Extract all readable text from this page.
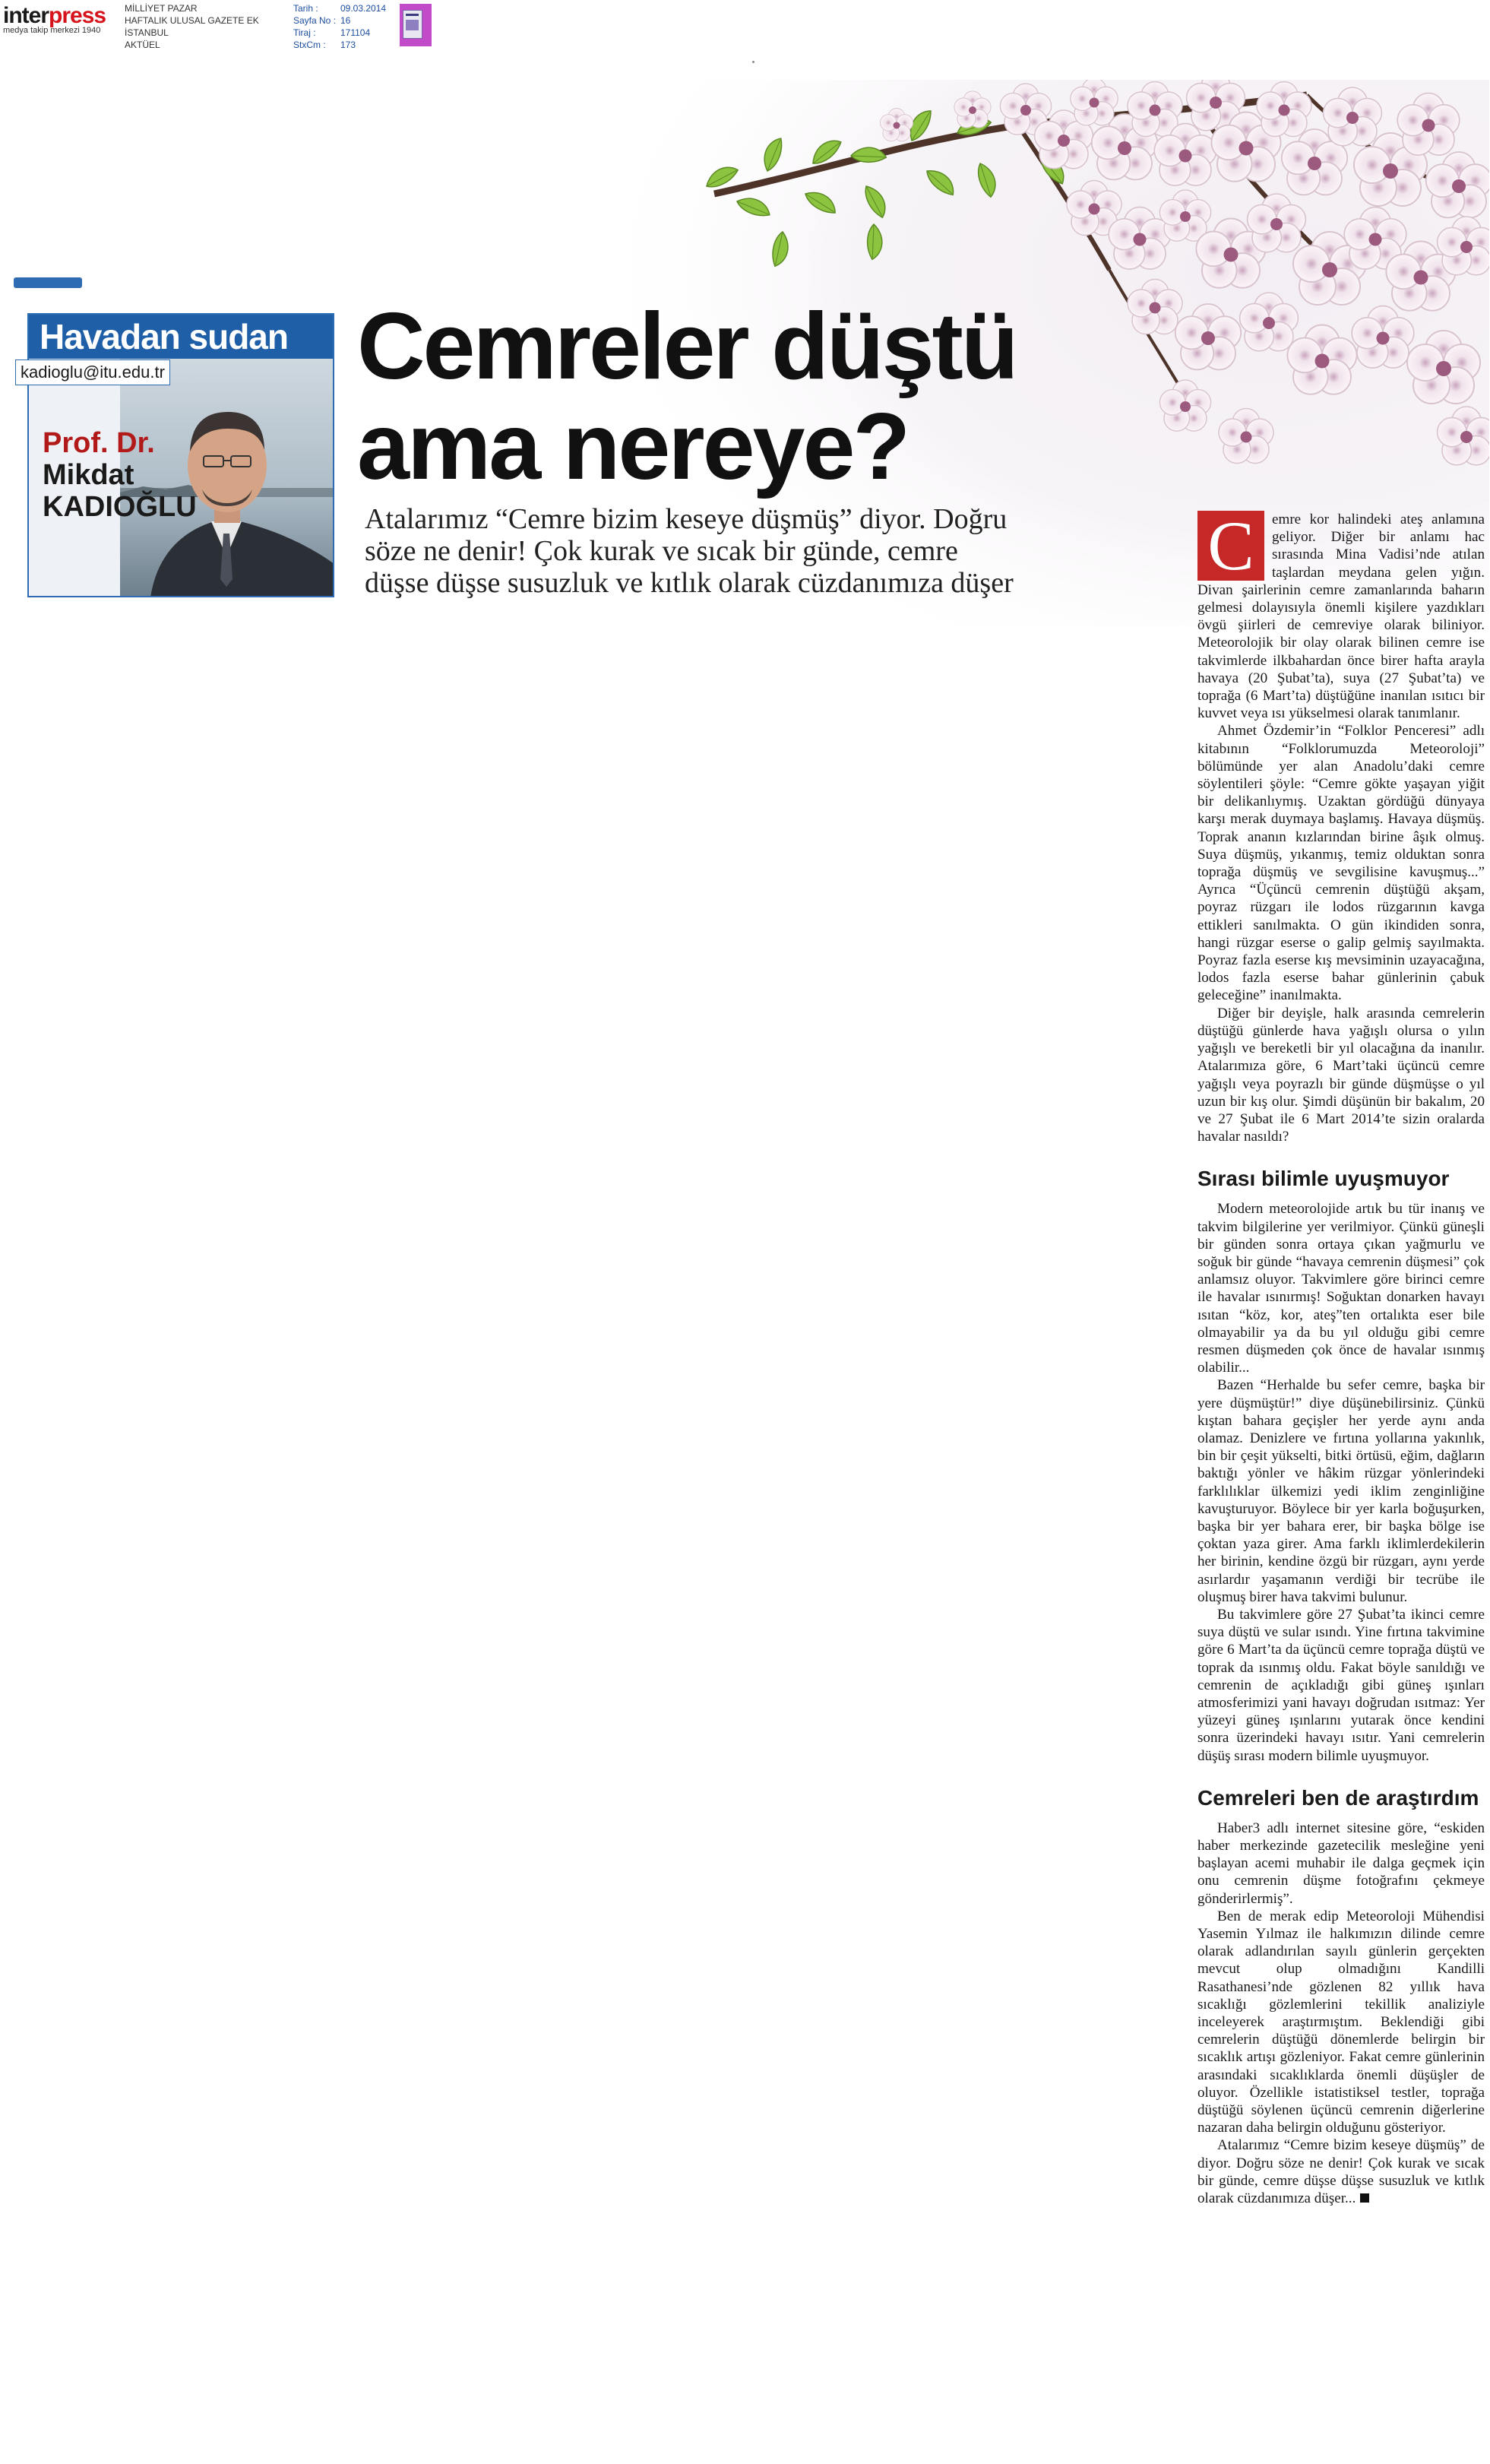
interpress
medya takip merkezi 1940
MİLLİYET PAZAR
HAFTALIK ULUSAL GAZETE EK
İSTANBUL
AKTÜEL
Tarih :	09.03.2014
Sayfa No : 16
Tiraj :	171104
StxCm :	173
kadioglu@itu.edu.tr
Havadan sudan
Prof. Dr.
Mikdat
KADIOĞLU
Cemreler düştü
ama nereye?

Atalarımız “Cemre bizim keseye düşmüş” diyor. Doğru söze ne denir! Çok kurak ve sıcak bir günde, cemre düşse düşse susuzluk ve kıtlık olarak cüzdanımıza düşer	C	emre kor halindeki ateş anlamına geliyor. Diğer bir anlamı hac sırasında Mina Vadisi’nde atılan taşlardan meydana gelen yığın. Divan şairlerinin cemre zamanlarında baharın gelmesi dolayısıyla önemli kişilere yazdıkları övgü şiirleri de cemreviye olarak biliniyor. Meteorolojik bir olay olarak bilinen cemre ise takvimlerde ilkbahardan önce birer hafta arayla havaya (20 Şubat’ta), suya (27 Şubat’ta) ve toprağa (6 Mart’ta) düştüğüne inanılan ısıtıcı bir kuvvet veya ısı yükselmesi olarak tanımlanır.

Ahmet Özdemir’in “Folklor Penceresi” adlı kitabının “Folklorumuzda Meteoroloji” bölümünde yer alan Anadolu’daki cemre söylentileri şöyle: “Cemre gökte yaşayan yiğit bir delikanlıymış. Uzaktan gördüğü dünyaya karşı merak duymaya başlamış. Havaya düşmüş. Toprak ananın kızlarından birine âşık olmuş. Suya düşmüş, yıkanmış, temiz olduktan sonra toprağa düşmüş ve sevgilisine kavuşmuş...” Ayrıca “Üçüncü cemrenin düştüğü akşam, poyraz rüzgarı ile lodos rüzgarının kavga ettikleri sanılmakta. O gün ikindiden sonra, hangi rüzgar eserse o galip gelmiş sayılmakta. Poyraz fazla eserse kış mevsiminin uzayacağına, lodos fazla eserse bahar günlerinin çabuk geleceğine” inanılmakta.

Diğer bir deyişle, halk arasında cemrelerin düştüğü günlerde hava yağışlı olursa o yılın yağışlı ve bereketli bir yıl olacağına da inanılır. Atalarımıza göre, 6 Mart’taki üçüncü cemre yağışlı veya poyrazlı bir günde düşmüşse o yıl uzun bir kış olur. Şimdi düşünün bir bakalım, 20 ve 27 Şubat ile 6 Mart 2014’te sizin oralarda havalar nasıldı?

Sırası bilimle uyuşmuyor

Modern meteorolojide artık bu tür inanış ve takvim bilgilerine yer verilmiyor. Çünkü güneşli bir günden sonra ortaya çıkan yağmurlu ve soğuk bir günde “havaya cemrenin düşmesi” çok anlamsız oluyor. Takvimlere göre birinci cemre ile havalar ısınırmış! Soğuktan donarken havayı ısıtan “köz, kor, ateş”ten ortalıkta eser bile olmayabilir ya da bu yıl olduğu gibi cemre resmen düşmeden çok önce de havalar ısınmış olabilir...

Bazen “Herhalde bu sefer cemre, başka bir yere düşmüştür!” diye düşünebilirsiniz. Çünkü kıştan bahara geçişler her yerde aynı anda olamaz. Denizlere ve fırtına yollarına yakınlık, bin bir çeşit yükselti, bitki örtüsü, eğim, dağların baktığı yönler ve hâkim rüzgar yönlerindeki farklılıklar ülkemizi yedi iklim zenginliğine kavuşturuyor. Böylece bir yer karla boğuşurken, başka bir yer bahara erer, bir başka bölge ise çoktan yaza girer. Ama farklı iklimlerdekilerin her birinin, kendine özgü bir rüzgarı, aynı yerde asırlardır yaşamanın verdiği bir tecrübe ile oluşmuş birer hava takvimi bulunur.

Bu takvimlere göre 27 Şubat’ta ikinci cemre suya düştü ve sular ısındı. Yine fırtına takvimine göre 6 Mart’ta da üçüncü cemre toprağa düştü ve toprak da ısınmış oldu. Fakat böyle sanıldığı ve cemrenin de açıkladığı gibi güneş ışınları atmosferimizi yani havayı doğrudan ısıtmaz: Yer yüzeyi güneş ışınlarını yutarak önce kendini sonra üzerindeki havayı ısıtır. Yani cemrelerin düşüş sırası modern bilimle uyuşmuyor.

Cemreleri ben de araştırdım

Haber3 adlı internet sitesine göre, “eskiden haber merkezinde gazetecilik mesleğine yeni başlayan acemi muhabir ile dalga geçmek için onu cemrenin düşme fotoğrafını çekmeye gönderirlermiş”.

Ben de merak edip Meteoroloji Mühendisi Yasemin Yılmaz ile halkımızın dilinde cemre olarak adlandırılan sayılı günlerin gerçekten mevcut olup olmadığını Kandilli Rasathanesi’nde gözlenen 82 yıllık hava sıcaklığı gözlemlerini tekillik analiziyle inceleyerek araştırmıştım. Beklendiği gibi cemrelerin düştüğü dönemlerde belirgin bir sıcaklık artışı gözleniyor. Fakat cemre günlerinin arasındaki sıcaklıklarda önemli düşüşler de oluyor. Özellikle istatistiksel testler, toprağa düştüğü söylenen üçüncü cemrenin diğerlerine nazaran daha belirgin olduğunu gösteriyor.

Atalarımız “Cemre bizim keseye düşmüş” de diyor. Doğru söze ne denir! Çok kurak ve sıcak bir günde, cemre düşse düşse susuzluk ve kıtlık olarak cüzdanımıza düşer...
